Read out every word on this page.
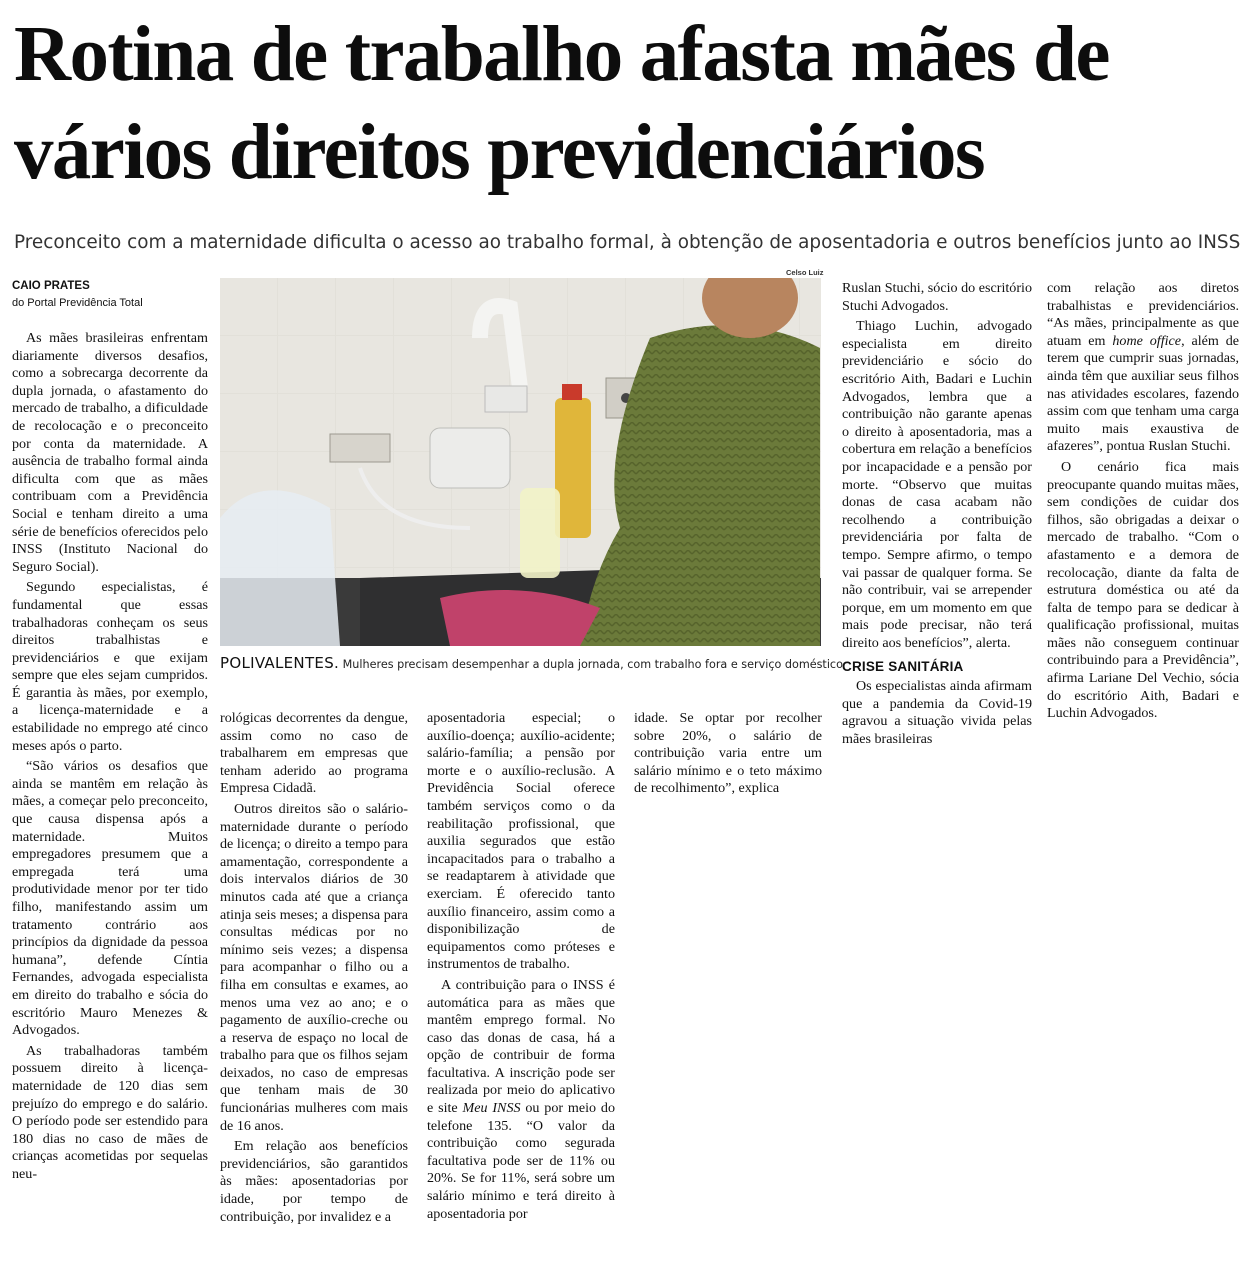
Rotina de trabalho afasta mães de vários direitos previdenciários

Preconceito com a maternidade dificulta o acesso ao trabalho formal, à obtenção de aposentadoria e outros benefícios junto ao INSS

CAIO PRATES
do Portal Previdência Total

As mães brasileiras enfrentam diariamente diversos desafios, como a sobrecarga decorrente da dupla jornada, o afastamento do mercado de trabalho, a dificuldade de recolocação e o preconceito por conta da maternidade. A ausência de trabalho formal ainda dificulta com que as mães contribuam com a Previdência Social e tenham direito a uma série de benefícios oferecidos pelo INSS (Instituto Nacional do Seguro Social).

Segundo especialistas, é fundamental que essas trabalhadoras conheçam os seus direitos trabalhistas e previdenciários e que exijam sempre que eles sejam cumpridos. É garantia às mães, por exemplo, a licença-maternidade e a estabilidade no emprego até cinco meses após o parto.

“São vários os desafios que ainda se mantêm em relação às mães, a começar pelo preconceito, que causa dispensa após a maternidade. Muitos empregadores presumem que a empregada terá uma produtividade menor por ter tido filho, manifestando assim um tratamento contrário aos princípios da dignidade da pessoa humana”, defende Cíntia Fernandes, advogada especialista em direito do trabalho e sócia do escritório Mauro Menezes & Advogados.

As trabalhadoras também possuem direito à licença-maternidade de 120 dias sem prejuízo do emprego e do salário. O período pode ser estendido para 180 dias no caso de mães de crianças acometidas por sequelas neu-

Celso Luiz
POLIVALENTES. Mulheres precisam desempenhar a dupla jornada, com trabalho fora e serviço doméstico

rológicas decorrentes da dengue, assim como no caso de trabalharem em empresas que tenham aderido ao programa Empresa Cidadã.

Outros direitos são o salário-maternidade durante o período de licença; o direito a tempo para amamentação, correspondente a dois intervalos diários de 30 minutos cada até que a criança atinja seis meses; a dispensa para consultas médicas por no mínimo seis vezes; a dispensa para acompanhar o filho ou a filha em consultas e exames, ao menos uma vez ao ano; e o pagamento de auxílio-creche ou a reserva de espaço no local de trabalho para que os filhos sejam deixados, no caso de empresas que tenham mais de 30 funcionárias mulheres com mais de 16 anos.

Em relação aos benefícios previdenciários, são garantidos às mães: aposentadorias por idade, por tempo de contribuição, por invalidez e a

aposentadoria especial; o auxílio-doença; auxílio-acidente; salário-família; a pensão por morte e o auxílio-reclusão. A Previdência Social oferece também serviços como o da reabilitação profissional, que auxilia segurados que estão incapacitados para o trabalho a se readaptarem à atividade que exerciam. É oferecido tanto auxílio financeiro, assim como a disponibilização de equipamentos como próteses e instrumentos de trabalho.

A contribuição para o INSS é automática para as mães que mantêm emprego formal. No caso das donas de casa, há a opção de contribuir de forma facultativa. A inscrição pode ser realizada por meio do aplicativo e site Meu INSS ou por meio do telefone 135. “O valor da contribuição como segurada facultativa pode ser de 11% ou 20%. Se for 11%, será sobre um salário mínimo e terá direito à aposentadoria por

idade. Se optar por recolher sobre 20%, o salário de contribuição varia entre um salário mínimo e o teto máximo de recolhimento”, explica

Ruslan Stuchi, sócio do escritório Stuchi Advogados.

Thiago Luchin, advogado especialista em direito previdenciário e sócio do escritório Aith, Badari e Luchin Advogados, lembra que a contribuição não garante apenas o direito à aposentadoria, mas a cobertura em relação a benefícios por incapacidade e a pensão por morte. “Observo que muitas donas de casa acabam não recolhendo a contribuição previdenciária por falta de tempo. Sempre afirmo, o tempo vai passar de qualquer forma. Se não contribuir, vai se arrepender porque, em um momento em que mais pode precisar, não terá direito aos benefícios”, alerta.

CRISE SANITÁRIA

Os especialistas ainda afirmam que a pandemia da Covid-19 agravou a situação vivida pelas mães brasileiras

com relação aos diretos trabalhistas e previdenciários. “As mães, principalmente as que atuam em home office, além de terem que cumprir suas jornadas, ainda têm que auxiliar seus filhos nas atividades escolares, fazendo assim com que tenham uma carga muito mais exaustiva de afazeres”, pontua Ruslan Stuchi.

O cenário fica mais preocupante quando muitas mães, sem condições de cuidar dos filhos, são obrigadas a deixar o mercado de trabalho. “Com o afastamento e a demora de recolocação, diante da falta de estrutura doméstica ou até da falta de tempo para se dedicar à qualificação profissional, muitas mães não conseguem continuar contribuindo para a Previdência”, afirma Lariane Del Vechio, sócia do escritório Aith, Badari e Luchin Advogados.
